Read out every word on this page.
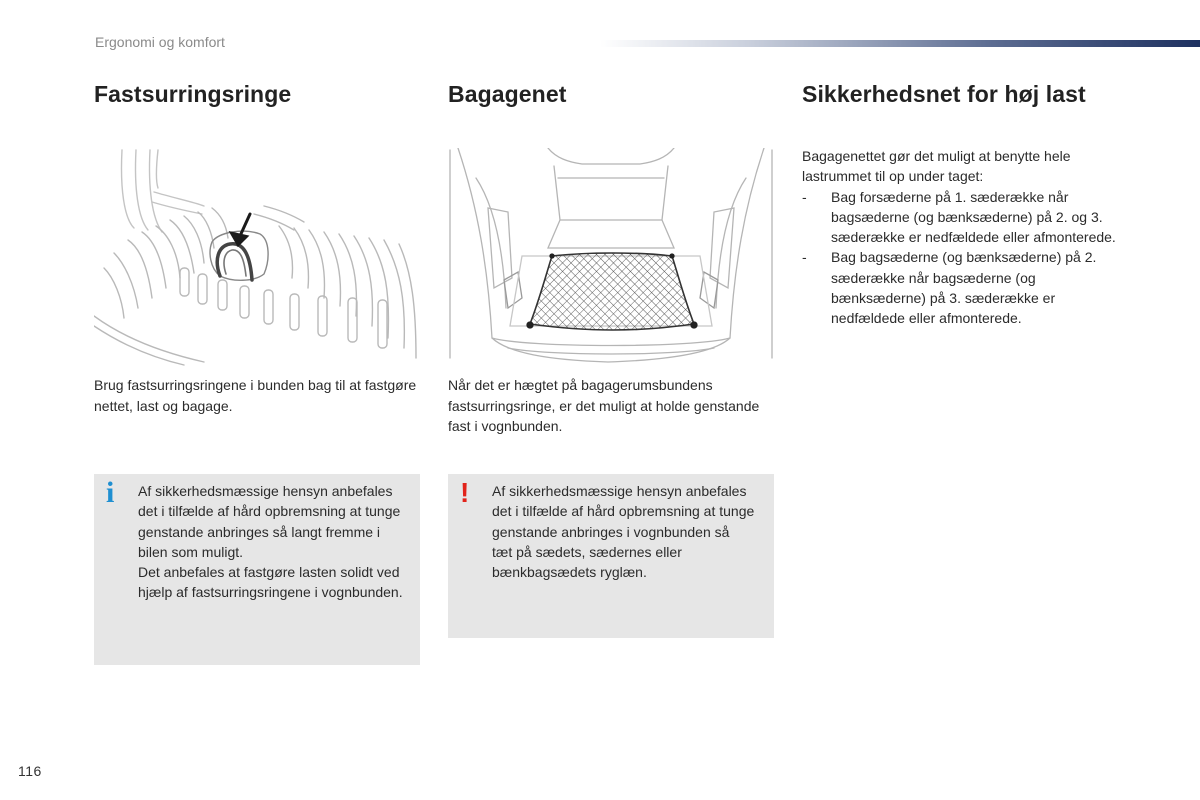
Ergonomi og komfort
Fastsurringsringe
Brug fastsurringsringene i bunden bag til at fastgøre nettet, last og bagage.
i Af sikkerhedsmæssige hensyn anbefales det i tilfælde af hård opbremsning at tunge genstande anbringes så langt fremme i bilen som muligt.

Det anbefales at fastgøre lasten solidt ved hjælp af fastsurringsringene i vognbunden.

Bagagenet
Når det er hægtet på bagagerumsbundens fastsurringsringe, er det muligt at holde genstande fast i vognbunden.
! Af sikkerhedsmæssige hensyn anbefales det i tilfælde af hård opbremsning at tunge genstande anbringes i vognbunden så

tæt på sædets, sædernes eller bænkbagsædets ryglæn.

Sikkerhedsnet for høj last

Bagagenettet gør det muligt at benytte hele lastrummet til op under taget:

- Bag forsæderne på 1. sæderække når bagsæderne (og bænksæderne) på 2. og 3. sæderække er nedfældede eller afmonterede.
- Bag bagsæderne (og bænksæderne) på 2. sæderække når bagsæderne (og bænksæderne) på 3. sæderække er nedfældede eller afmonterede.
116
